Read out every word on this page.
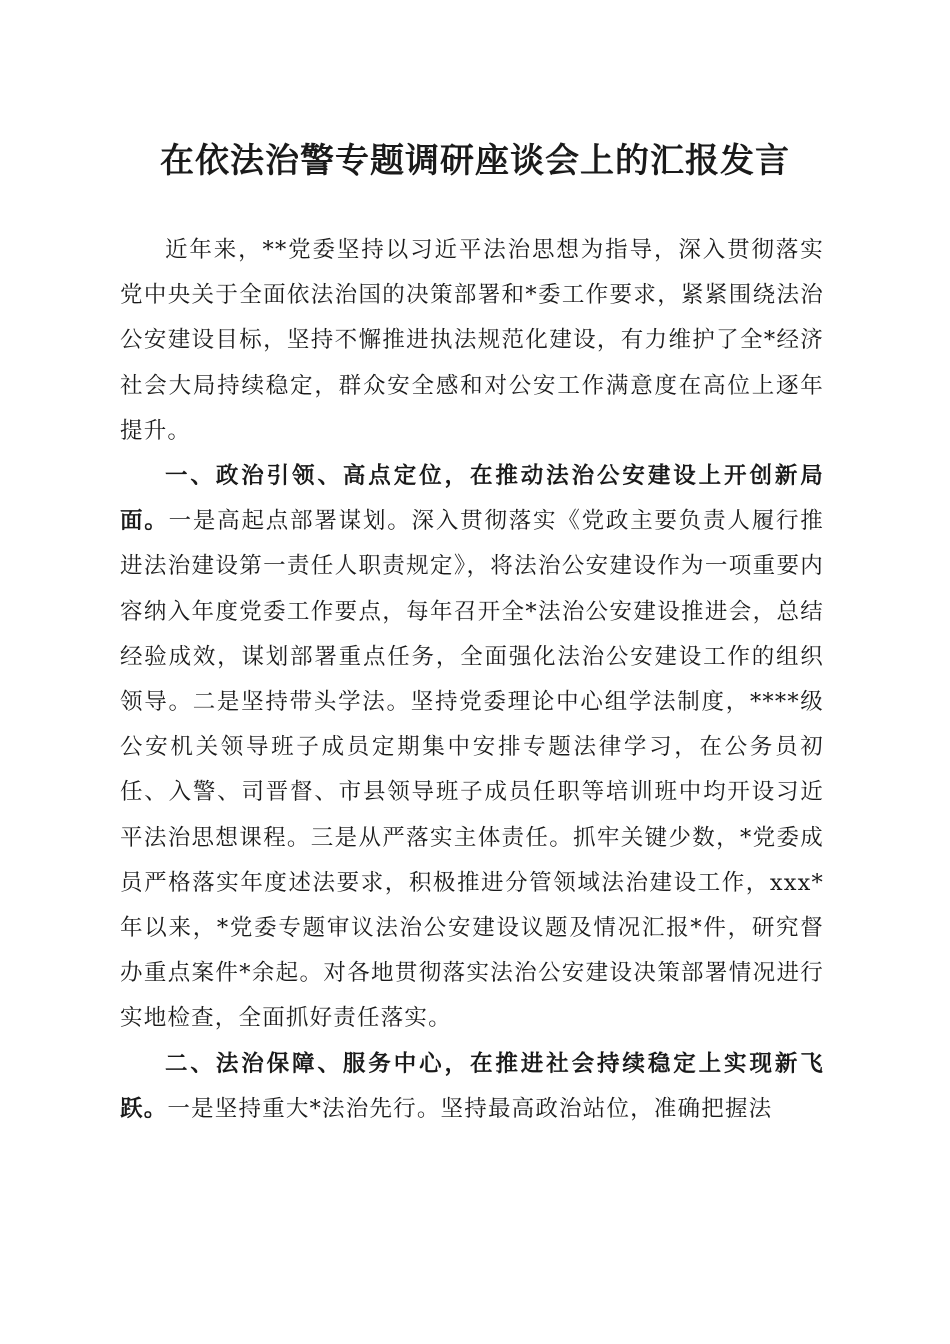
在依法治警专题调研座谈会上的汇报发言

近年来，**党委坚持以习近平法治思想为指导，深入贯彻落实党中央关于全面依法治国的决策部署和*委工作要求，紧紧围绕法治公安建设目标，坚持不懈推进执法规范化建设，有力维护了全*经济社会大局持续稳定，群众安全感和对公安工作满意度在高位上逐年提升。

一、政治引领、高点定位，在推动法治公安建设上开创新局面。一是高起点部署谋划。深入贯彻落实《党政主要负责人履行推进法治建设第一责任人职责规定》，将法治公安建设作为一项重要内容纳入年度党委工作要点，每年召开全*法治公安建设推进会，总结经验成效，谋划部署重点任务，全面强化法治公安建设工作的组织领导。二是坚持带头学法。坚持党委理论中心组学法制度，****级公安机关领导班子成员定期集中安排专题法律学习，在公务员初任、入警、司晋督、市县领导班子成员任职等培训班中均开设习近平法治思想课程。三是从严落实主体责任。抓牢关键少数，*党委成员严格落实年度述法要求，积极推进分管领域法治建设工作，xxx*年以来，*党委专题审议法治公安建设议题及情况汇报*件，研究督办重点案件*余起。对各地贯彻落实法治公安建设决策部署情况进行实地检查，全面抓好责任落实。

二、法治保障、服务中心，在推进社会持续稳定上实现新飞跃。一是坚持重大*法治先行。坚持最高政治站位，准确把握法
